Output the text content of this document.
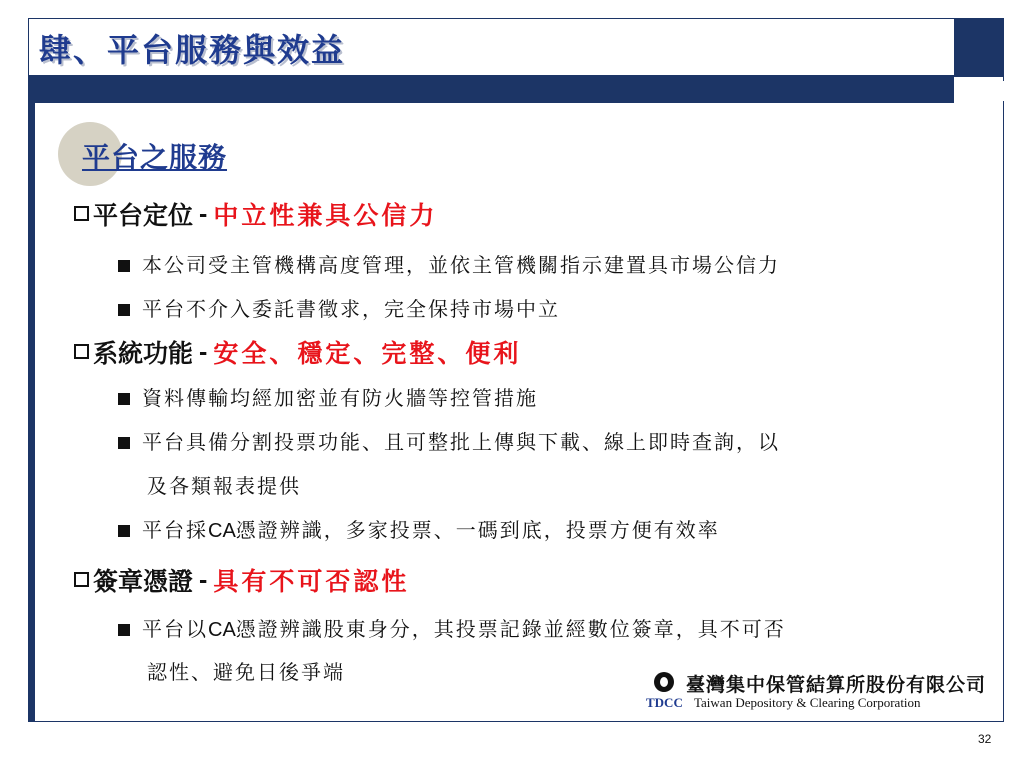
肆、平台服務與效益
平台之服務
平台定位 - 中立性兼具公信力
本公司受主管機構高度管理，並依主管機關指示建置具市場公信力
平台不介入委託書徵求，完全保持市場中立
系統功能 - 安全、穩定、完整、便利
資料傳輸均經加密並有防火牆等控管措施
平台具備分割投票功能、且可整批上傳與下載、線上即時查詢，以
及各類報表提供
平台採CA憑證辨識，多家投票、一碼到底，投票方便有效率
簽章憑證 - 具有不可否認性
平台以CA憑證辨識股東身分，其投票記錄並經數位簽章，具不可否
認性、避免日後爭端
臺灣集中保管結算所股份有限公司
TDCC Taiwan Depository & Clearing Corporation
32
